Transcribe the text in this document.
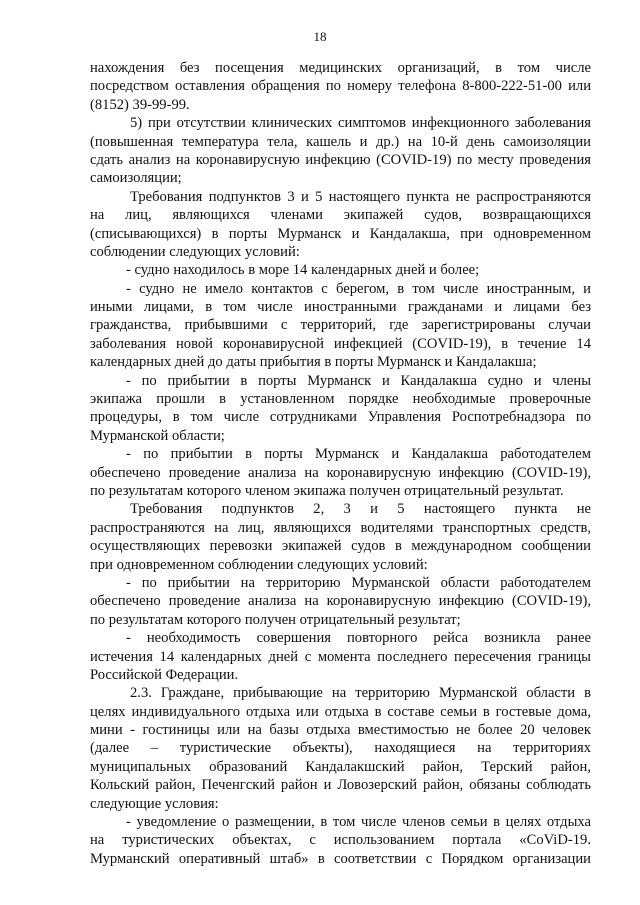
18
нахождения без посещения медицинских организаций, в том числе
посредством оставления обращения по номеру телефона 8-800-222-51-00 или
(8152) 39-99-99.
5) при отсутствии клинических симптомов инфекционного заболевания
(повышенная температура тела, кашель и др.) на 10-й день самоизоляции
сдать анализ на коронавирусную инфекцию (COVID-19) по месту проведения
самоизоляции;
Требования подпунктов 3 и 5 настоящего пункта не распространяются
на лиц, являющихся членами экипажей судов, возвращающихся
(списывающихся) в порты Мурманск и Кандалакша, при одновременном
соблюдении следующих условий:
- судно находилось в море 14 календарных дней и более;
- судно не имело контактов с берегом, в том числе иностранным, и
иными лицами, в том числе иностранными гражданами и лицами без
гражданства, прибывшими с территорий, где зарегистрированы случаи
заболевания новой коронавирусной инфекцией (COVID-19), в течение 14
календарных дней до даты прибытия в порты Мурманск и Кандалакша;
- по прибытии в порты Мурманск и Кандалакша судно и члены
экипажа прошли в установленном порядке необходимые проверочные
процедуры, в том числе сотрудниками Управления Роспотребнадзора по
Мурманской области;
- по прибытии в порты Мурманск и Кандалакша работодателем
обеспечено проведение анализа на коронавирусную инфекцию (COVID-19),
по результатам которого членом экипажа получен отрицательный результат.
Требования подпунктов 2, 3 и 5 настоящего пункта не
распространяются на лиц, являющихся водителями транспортных средств,
осуществляющих перевозки экипажей судов в международном сообщении
при одновременном соблюдении следующих условий:
- по прибытии на территорию Мурманской области работодателем
обеспечено проведение анализа на коронавирусную инфекцию (COVID-19),
по результатам которого получен отрицательный результат;
- необходимость совершения повторного рейса возникла ранее
истечения 14 календарных дней с момента последнего пересечения границы
Российской Федерации.
2.3. Граждане, прибывающие на территорию Мурманской области в
целях индивидуального отдыха или отдыха в составе семьи в гостевые дома,
мини - гостиницы или на базы отдыха вместимостью не более 20 человек
(далее – туристические объекты), находящиеся на территориях
муниципальных образований Кандалакшский район, Терский район,
Кольский район, Печенгский район и Ловозерский район, обязаны соблюдать
следующие условия:
- уведомление о размещении, в том числе членов семьи в целях отдыха
на туристических объектах, с использованием портала «CoViD-19.
Мурманский оперативный штаб» в соответствии с Порядком организации
